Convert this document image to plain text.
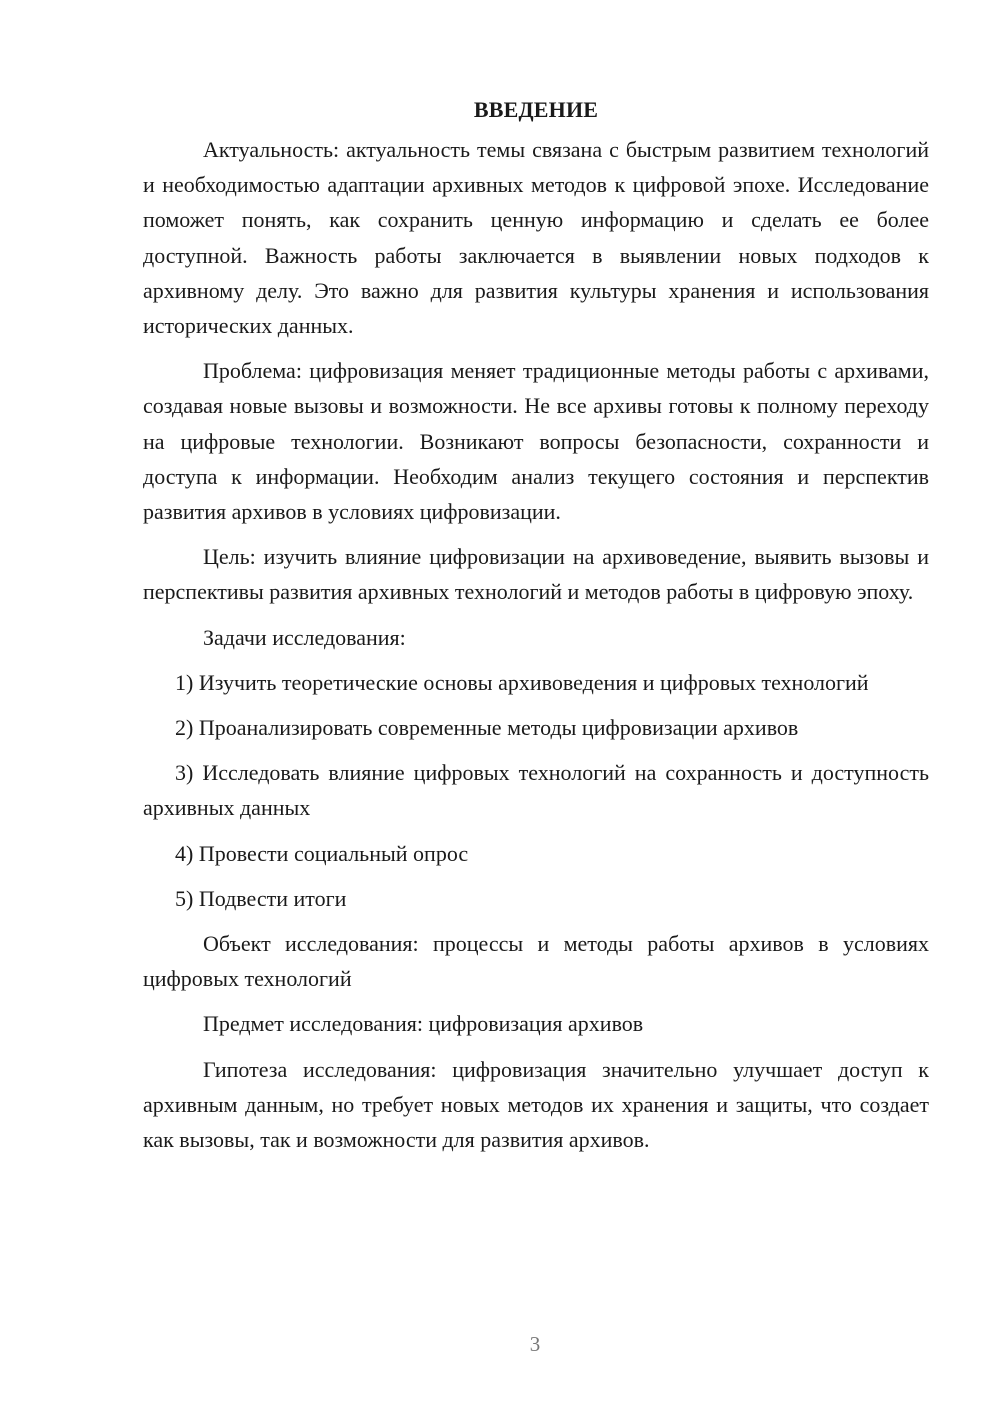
ВВЕДЕНИЕ

Актуальность: актуальность темы связана с быстрым развитием технологий и необходимостью адаптации архивных методов к цифровой эпохе. Исследование поможет понять, как сохранить ценную информацию и сделать ее более доступной. Важность работы заключается в выявлении новых подходов к архивному делу. Это важно для развития культуры хранения и использования исторических данных.

Проблема: цифровизация меняет традиционные методы работы с архивами, создавая новые вызовы и возможности. Не все архивы готовы к полному переходу на цифровые технологии. Возникают вопросы безопасности, сохранности и доступа к информации. Необходим анализ текущего состояния и перспектив развития архивов в условиях цифровизации.

Цель: изучить влияние цифровизации на архивоведение, выявить вызовы и перспективы развития архивных технологий и методов работы в цифровую эпоху.

Задачи исследования:

1) Изучить теоретические основы архивоведения и цифровых технологий

2) Проанализировать современные методы цифровизации архивов

3) Исследовать влияние цифровых технологий на сохранность и доступность архивных данных

4) Провести социальный опрос

5) Подвести итоги

Объект исследования: процессы и методы работы архивов в условиях цифровых технологий

Предмет исследования: цифровизация архивов

Гипотеза исследования: цифровизация значительно улучшает доступ к архивным данным, но требует новых методов их хранения и защиты, что создает как вызовы, так и возможности для развития архивов.

3
